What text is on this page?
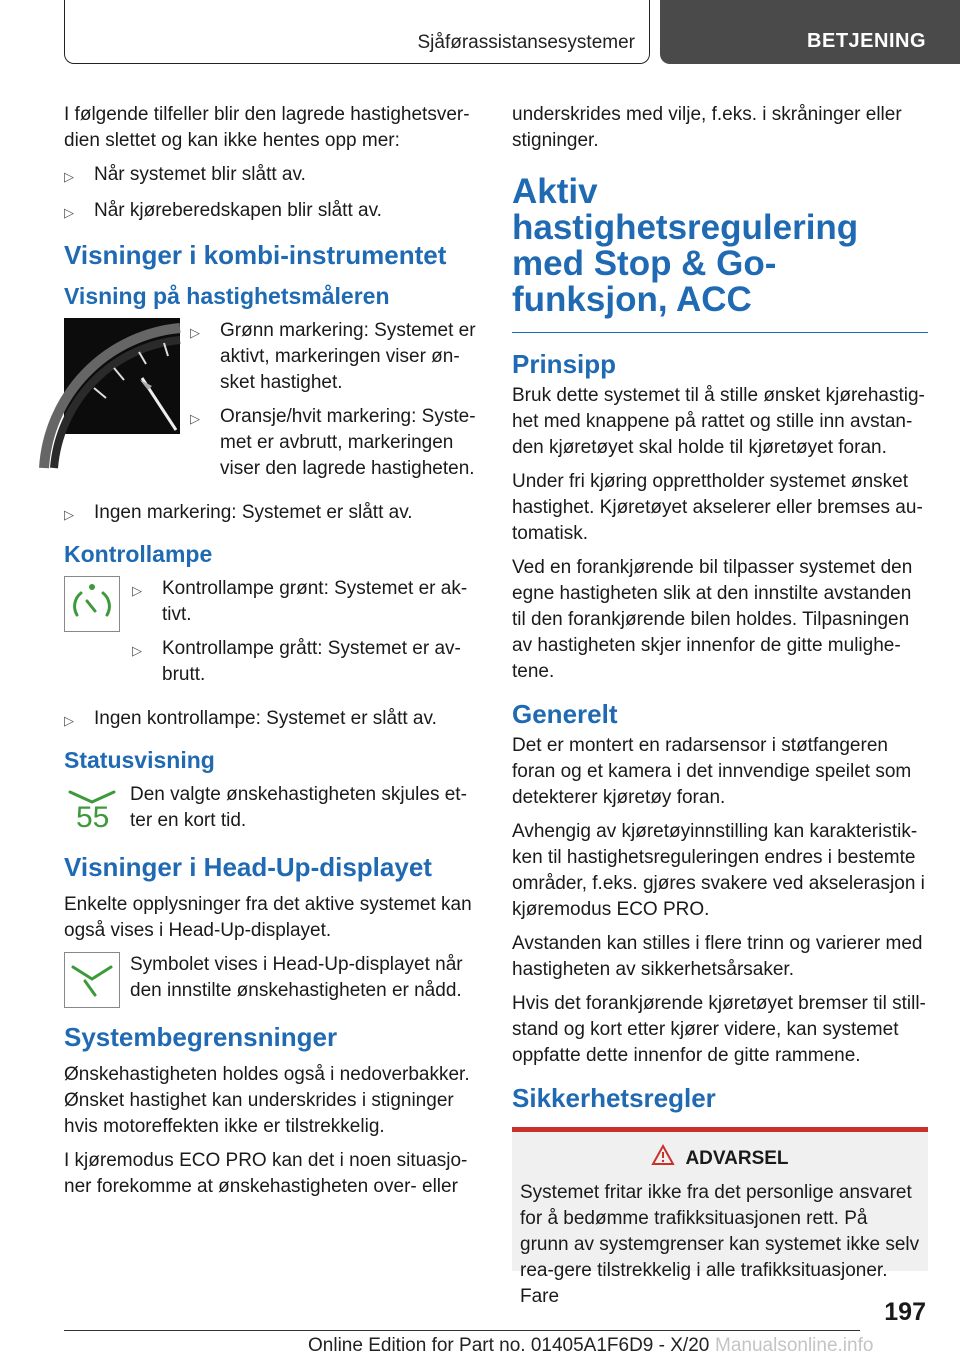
Sjåførassistansesystemer	BETJENING

I følgende tilfeller blir den lagrede hastighetsver-dien slettet og kan ikke hentes opp mer:

▷	Når systemet blir slått av.
▷	Når kjøreberedskapen blir slått av.
Visninger i kombi-instrumentet
Visning på hastighetsmåleren
▷	Grønn markering: Systemet er aktivt, markeringen viser øn-sket hastighet.
▷	Oransje/hvit markering: Syste-met er avbrutt, markeringen viser den lagrede hastigheten.
▷	Ingen markering: Systemet er slått av.
Kontrollampe
▷	Kontrollampe grønt: Systemet er ak-tivt.
▷	Kontrollampe grått: Systemet er av-brutt.
▷	Ingen kontrollampe: Systemet er slått av.
Statusvisning
55
Den valgte ønskehastigheten skjules et-ter en kort tid.
Visninger i Head-Up-displayet

Enkelte opplysninger fra det aktive systemet kan også vises i Head-Up-displayet.

Symbolet vises i Head-Up-displayet når den innstilte ønskehastigheten er nådd.
Systembegrensninger

Ønskehastigheten holdes også i nedoverbakker. Ønsket hastighet kan underskrides i stigninger hvis motoreffekten ikke er tilstrekkelig.

I kjøremodus ECO PRO kan det i noen situasjo-ner forekomme at ønskehastigheten over- eller

underskrides med vilje, f.eks. i skråninger eller stigninger.

Aktiv hastighetsregulering med Stop & Go-funksjon, ACC
Prinsipp

Bruk dette systemet til å stille ønsket kjørehastig-het med knappene på rattet og stille inn avstan-den kjøretøyet skal holde til kjøretøyet foran.

Under fri kjøring opprettholder systemet ønsket hastighet. Kjøretøyet akselerer eller bremses au-tomatisk.

Ved en forankjørende bil tilpasser systemet den egne hastigheten slik at den innstilte avstanden til den forankjørende bilen holdes. Tilpasningen av hastigheten skjer innenfor de gitte mulighe-tene.

Generelt

Det er montert en radarsensor i støtfangeren foran og et kamera i det innvendige speilet som detekterer kjøretøy foran.

Avhengig av kjøretøyinnstilling kan karakteristik-ken til hastighetsreguleringen endres i bestemte områder, f.eks. gjøres svakere ved akselerasjon i kjøremodus ECO PRO.

Avstanden kan stilles i flere trinn og varierer med hastigheten av sikkerhetsårsaker.

Hvis det forankjørende kjøretøyet bremser til still-stand og kort etter kjører videre, kan systemet oppfatte dette innenfor de gitte rammene.

Sikkerhetsregler
ADVARSEL
Systemet fritar ikke fra det personlige ansvaret for å bedømme trafikksituasjonen rett. På grunn av systemgrenser kan systemet ikke selv rea-gere tilstrekkelig i alle trafikksituasjoner. Fare
197
Online Edition for Part no. 01405A1F6D9 - X/20 Manualsonline.info
